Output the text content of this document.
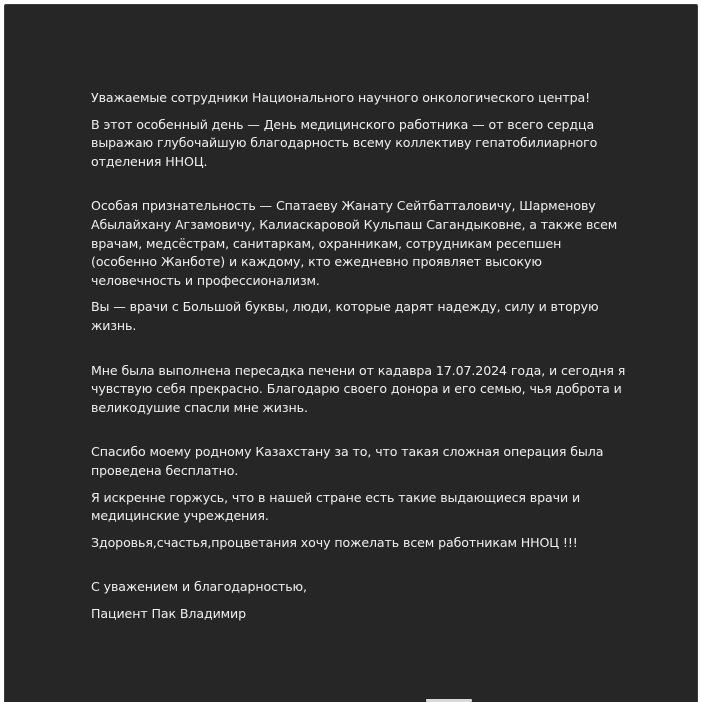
Уважаемые сотрудники Национального научного онкологического центра!

В этот особенный день — День медицинского работника — от всего сердца выражаю глубочайшую благодарность всему коллективу гепатобилиарного отделения ННОЦ.

Особая признательность — Спатаеву Жанату Сейтбатталовичу, Шарменову Абылайхану Агзамовичу, Калиаскаровой Кульпаш Сагандыковне, а также всем врачам, медсёстрам, санитаркам, охранникам, сотрудникам ресепшен (особенно Жанботе) и каждому, кто ежедневно проявляет высокую человечность и профессионализм.

Вы — врачи с Большой буквы, люди, которые дарят надежду, силу и вторую жизнь.

Мне была выполнена пересадка печени от кадавра 17.07.2024 года, и сегодня я чувствую себя прекрасно. Благодарю своего донора и его семью, чья доброта и великодушие спасли мне жизнь.

Спасибо моему родному Казахстану за то, что такая сложная операция была проведена бесплатно.

Я искренне горжусь, что в нашей стране есть такие выдающиеся врачи и медицинские учреждения.

Здоровья,счастья,процветания хочу пожелать всем работникам ННОЦ !!!

С уважением и благодарностью,

Пациент Пак Владимир
